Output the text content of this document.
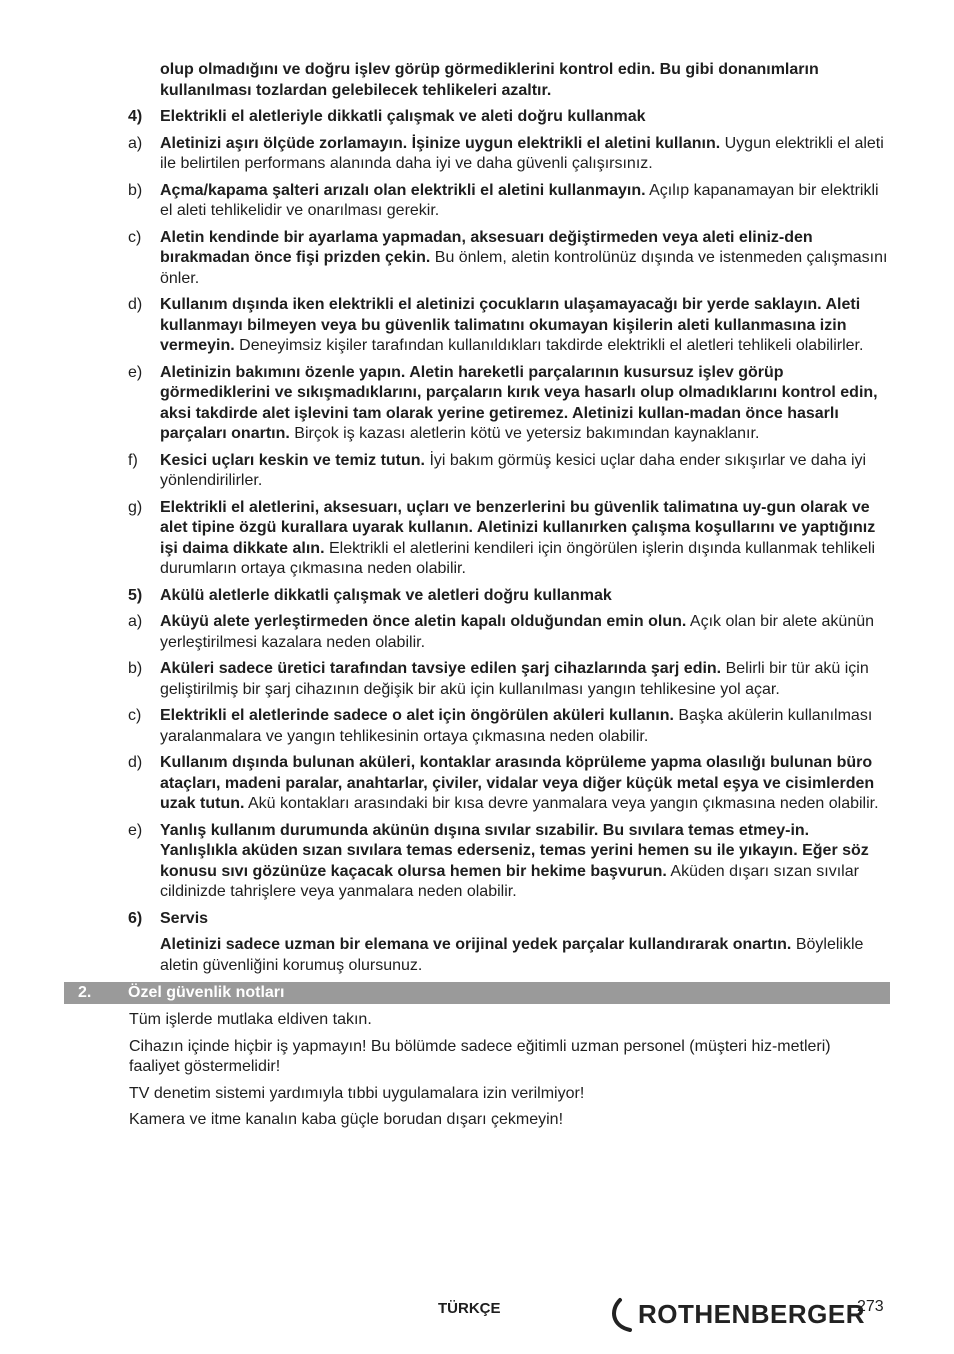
olup olmadığını ve doğru işlev görüp görmediklerini kontrol edin. Bu gibi donanımların kullanılması tozlardan gelebilecek tehlikeleri azaltır.
4) Elektrikli el aletleriyle dikkatli çalışmak ve aleti doğru kullanmak
a) Aletinizi aşırı ölçüde zorlamayın. İşinize uygun elektrikli el aletini kullanın. Uygun elektrikli el aleti ile belirtilen performans alanında daha iyi ve daha güvenli çalışırsınız.
b) Açma/kapama şalteri arızalı olan elektrikli el aletini kullanmayın. Açılıp kapanamayan bir elektrikli el aleti tehlikelidir ve onarılması gerekir.
c) Aletin kendinde bir ayarlama yapmadan, aksesuarı değiştirmeden veya aleti eliniz-den bırakmadan önce fişi prizden çekin. Bu önlem, aletin kontrolünüz dışında ve istenmeden çalışmasını önler.
d) Kullanım dışında iken elektrikli el aletinizi çocukların ulaşamayacağı bir yerde saklayın. Aleti kullanmayı bilmeyen veya bu güvenlik talimatını okumayan kişilerin aleti kullanmasına izin vermeyin. Deneyimsiz kişiler tarafından kullanıldıkları takdirde elektrikli el aletleri tehlikeli olabilirler.
e) Aletinizin bakımını özenle yapın. Aletin hareketli parçalarının kusursuz işlev görüp görmediklerini ve sıkışmadıklarını, parçaların kırık veya hasarlı olup olmadıklarını kontrol edin, aksi takdirde alet işlevini tam olarak yerine getiremez. Aletinizi kullan-madan önce hasarlı parçaları onartın. Birçok iş kazası aletlerin kötü ve yetersiz bakımından kaynaklanır.
f) Kesici uçları keskin ve temiz tutun. İyi bakım görmüş kesici uçlar daha ender sıkışırlar ve daha iyi yönlendirilirler.
g) Elektrikli el aletlerini, aksesuarı, uçları ve benzerlerini bu güvenlik talimatına uy-gun olarak ve alet tipine özgü kurallara uyarak kullanın. Aletinizi kullanırken çalışma koşullarını ve yaptığınız işi daima dikkate alın. Elektrikli el aletlerini kendileri için öngörülen işlerin dışında kullanmak tehlikeli durumların ortaya çıkmasına neden olabilir.
5) Akülü aletlerle dikkatli çalışmak ve aletleri doğru kullanmak
a) Aküyü alete yerleştirmeden önce aletin kapalı olduğundan emin olun. Açık olan bir alete akünün yerleştirilmesi kazalara neden olabilir.
b) Aküleri sadece üretici tarafından tavsiye edilen şarj cihazlarında şarj edin. Belirli bir tür akü için geliştirilmiş bir şarj cihazının değişik bir akü için kullanılması yangın tehlikesine yol açar.
c) Elektrikli el aletlerinde sadece o alet için öngörülen aküleri kullanın. Başka akülerin kullanılması yaralanmalara ve yangın tehlikesinin ortaya çıkmasına neden olabilir.
d) Kullanım dışında bulunan aküleri, kontaklar arasında köprüleme yapma olasılığı bulunan büro ataçları, madeni paralar, anahtarlar, çiviler, vidalar veya diğer küçük metal eşya ve cisimlerden uzak tutun. Akü kontakları arasındaki bir kısa devre yanmalara veya yangın çıkmasına neden olabilir.
e) Yanlış kullanım durumunda akünün dışına sıvılar sızabilir. Bu sıvılara temas etmey-in. Yanlışlıkla aküden sızan sıvılara temas ederseniz, temas yerini hemen su ile yıkayın. Eğer söz konusu sıvı gözünüze kaçacak olursa hemen bir hekime başvurun. Aküden dışarı sızan sıvılar cildinizde tahrişlere veya yanmalara neden olabilir.
6) Servis
Aletinizi sadece uzman bir elemana ve orijinal yedek parçalar kullandırarak onartın. Böylelikle aletin güvenliğini korumuş olursunuz.
2. Özel güvenlik notları
Tüm işlerde mutlaka eldiven takın.
Cihazın içinde hiçbir iş yapmayın! Bu bölümde sadece eğitimli uzman personel (müşteri hiz-metleri) faaliyet göstermelidir!
TV denetim sistemi yardımıyla tıbbi uygulamalara izin verilmiyor!
Kamera ve itme kanalın kaba güçle borudan dışarı çekmeyin!
TÜRKÇE	ROTHENBERGER
273
